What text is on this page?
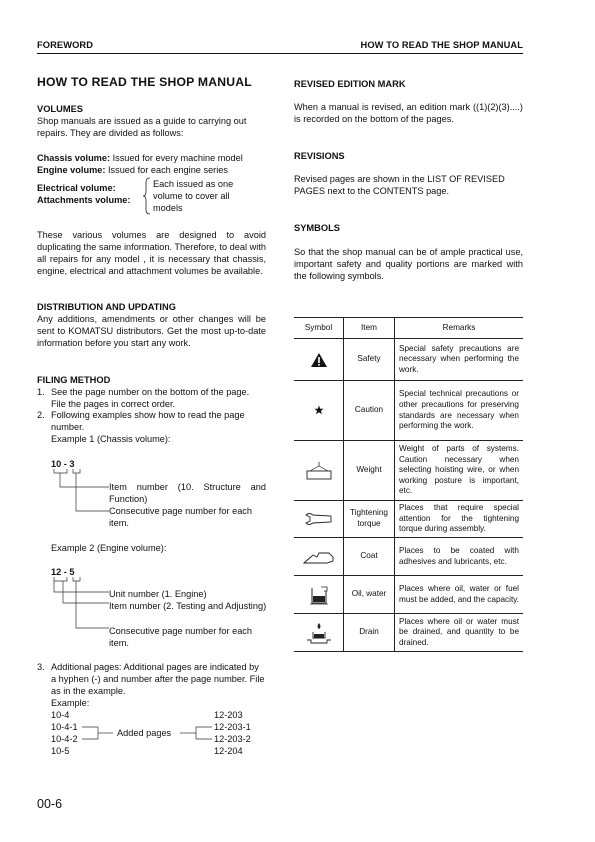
FOREWORD	HOW TO READ THE SHOP MANUAL
HOW TO READ THE SHOP MANUAL
VOLUMES
Shop manuals are issued as a guide to carrying out repairs. They are divided as follows:
Chassis volume: Issued for every machine model
Engine volume: Issued for each engine series
Electrical volume:
Attachments volume:
Each issued as one volume to cover all models
These various volumes are designed to avoid duplicating the same information. Therefore, to deal with all repairs for any model , it is necessary that chassis, engine, electrical and attachment volumes be available.
DISTRIBUTION AND UPDATING
Any additions, amendments or other changes will be sent to KOMATSU distributors. Get the most up-to-date information before you start any work.
FILING METHOD
1. See the page number on the bottom of the page. File the pages in correct order.
2. Following examples show how to read the page number.
Example 1 (Chassis volume):
10 - 3
Item number (10. Structure and Function)
Consecutive page number for each item.
Example 2 (Engine volume):
12 - 5
Unit number (1. Engine)
Item number (2. Testing and Adjusting)
Consecutive page number for each item.
3. Additional pages: Additional pages are indicated by a hyphen (-) and number after the page number. File as in the example.
Example:
10-4
10-4-1
10-4-2
10-5
Added pages
12-203
12-203-1
12-203-2
12-204
REVISED EDITION MARK
When a manual is revised, an edition mark ((1)(2)(3)....) is recorded on the bottom of the pages.
REVISIONS
Revised pages are shown in the LIST OF REVISED PAGES next to the CONTENTS page.
SYMBOLS
So that the shop manual can be of ample practical use, important safety and quality portions are marked with the following symbols.
Symbol	Item	Remarks
	Safety	Special safety precautions are necessary when performing the work.
	Caution	Special technical precautions or other precautions for preserving standards are necessary when performing the work.
	Weight	Weight of parts of systems. Caution necessary when selecting hoisting wire, or when working posture is important, etc.
	Tightening torque	Places that require special attention for the tightening torque during assembly.
	Coat	Places to be coated with adhesives and lubricants, etc.
	Oil, water	Places where oil, water or fuel must be added, and the capacity.
	Drain	Places where oil or water must be drained, and quantity to be drained.
00-6
